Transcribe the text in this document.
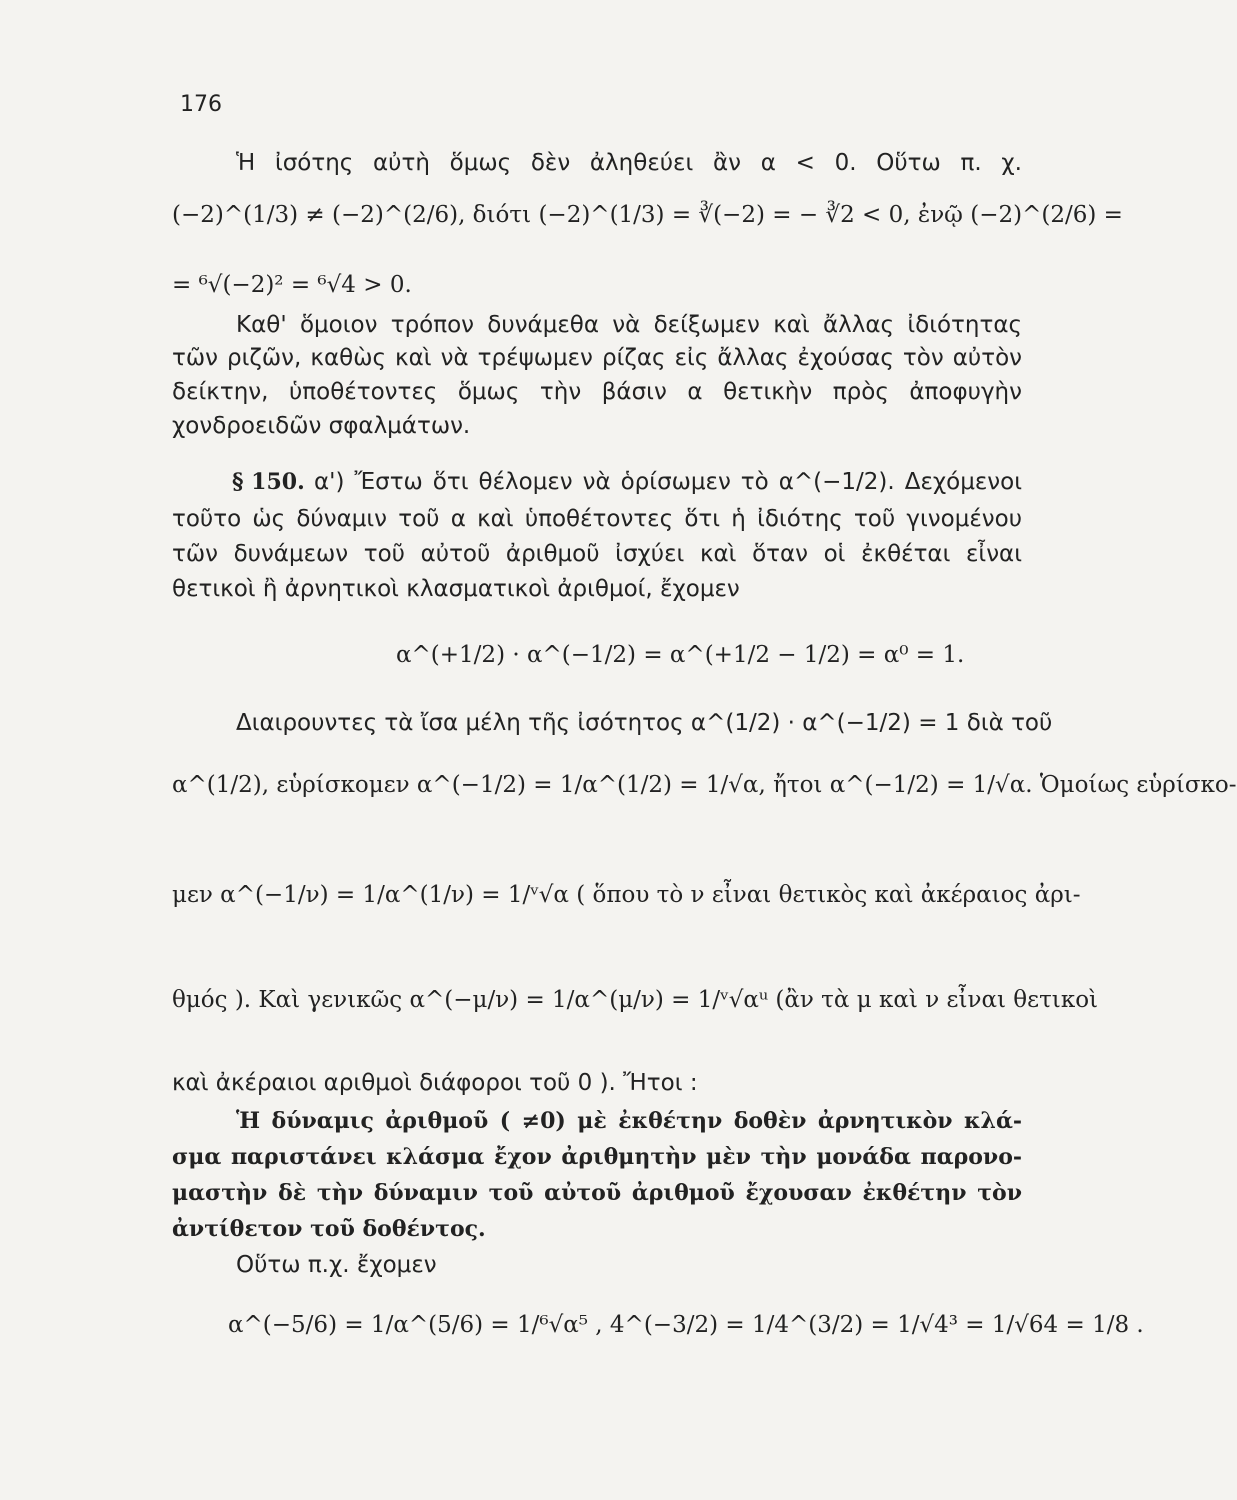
176
Ἡ ἰσότης αὐτὴ ὅμως δὲν ἀληθεύει ἂν α < 0. Οὕτω π. χ.
(−2)^(1/3) ≠ (−2)^(2/6), διότι (−2)^(1/3) = ∛(−2) = − ∛2 < 0, ἐνῷ (−2)^(2/6) =
= ⁶√(−2)² = ⁶√4 > 0.
Καθ' ὅμοιον τρόπον δυνάμεθα νὰ δείξωμεν καὶ ἄλλας ἰδιότητας
τῶν ριζῶν, καθὼς καὶ νὰ τρέψωμεν ρίζας εἰς ἄλλας ἐχούσας τὸν αὐτὸν
δείκτην, ὑποθέτοντες ὅμως τὴν βάσιν α θετικὴν πρὸς ἀποφυγὴν
χονδροειδῶν σφαλμάτων.
§ 150. α') Ἔστω ὅτι θέλομεν νὰ ὁρίσωμεν τὸ α^(−1/2). Δεχόμενοι
τοῦτο ὡς δύναμιν τοῦ α καὶ ὑποθέτοντες ὅτι ἡ ἰδιότης τοῦ γινομένου
τῶν δυνάμεων τοῦ αὐτοῦ ἀριθμοῦ ἰσχύει καὶ ὅταν οἱ ἐκθέται εἶναι
θετικοὶ ἢ ἀρνητικοὶ κλασματικοὶ ἀριθμοί, ἔχομεν
α^(+1/2) · α^(−1/2) = α^(+1/2 − 1/2) = α⁰ = 1.
Διαιρουντες τὰ ἴσα μέλη τῆς ἰσότητος α^(1/2) · α^(−1/2) = 1 διὰ τοῦ
α^(1/2), εὑρίσκομεν α^(−1/2) = 1/α^(1/2) = 1/√α, ἤτοι α^(−1/2) = 1/√α. Ὁμοίως εὑρίσκο-
μεν α^(−1/ν) = 1/α^(1/ν) = 1/ᵛ√α ( ὅπου τὸ ν εἶναι θετικὸς καὶ ἀκέραιος ἀρι-
θμός ). Καὶ γενικῶς α^(−μ/ν) = 1/α^(μ/ν) = 1/ᵛ√αᵘ (ἂν τὰ μ καὶ ν εἶναι θετικοὶ
καὶ ἀκέραιοι αριθμοὶ διάφοροι τοῦ 0 ). Ἤτοι :
Ἡ δύναμις ἀριθμοῦ ( ≠0) μὲ ἐκθέτην δοθὲν ἀρνητικὸν κλά-
σμα παριστάνει κλάσμα ἔχον ἀριθμητὴν μὲν τὴν μονάδα παρονο-
μαστὴν δὲ τὴν δύναμιν τοῦ αὐτοῦ ἀριθμοῦ ἔχουσαν ἐκθέτην τὸν
ἀντίθετον τοῦ δοθέντος.
Οὕτω π.χ. ἔχομεν
α^(−5/6) = 1/α^(5/6) = 1/⁶√α⁵ , 4^(−3/2) = 1/4^(3/2) = 1/√4³ = 1/√64 = 1/8 .
